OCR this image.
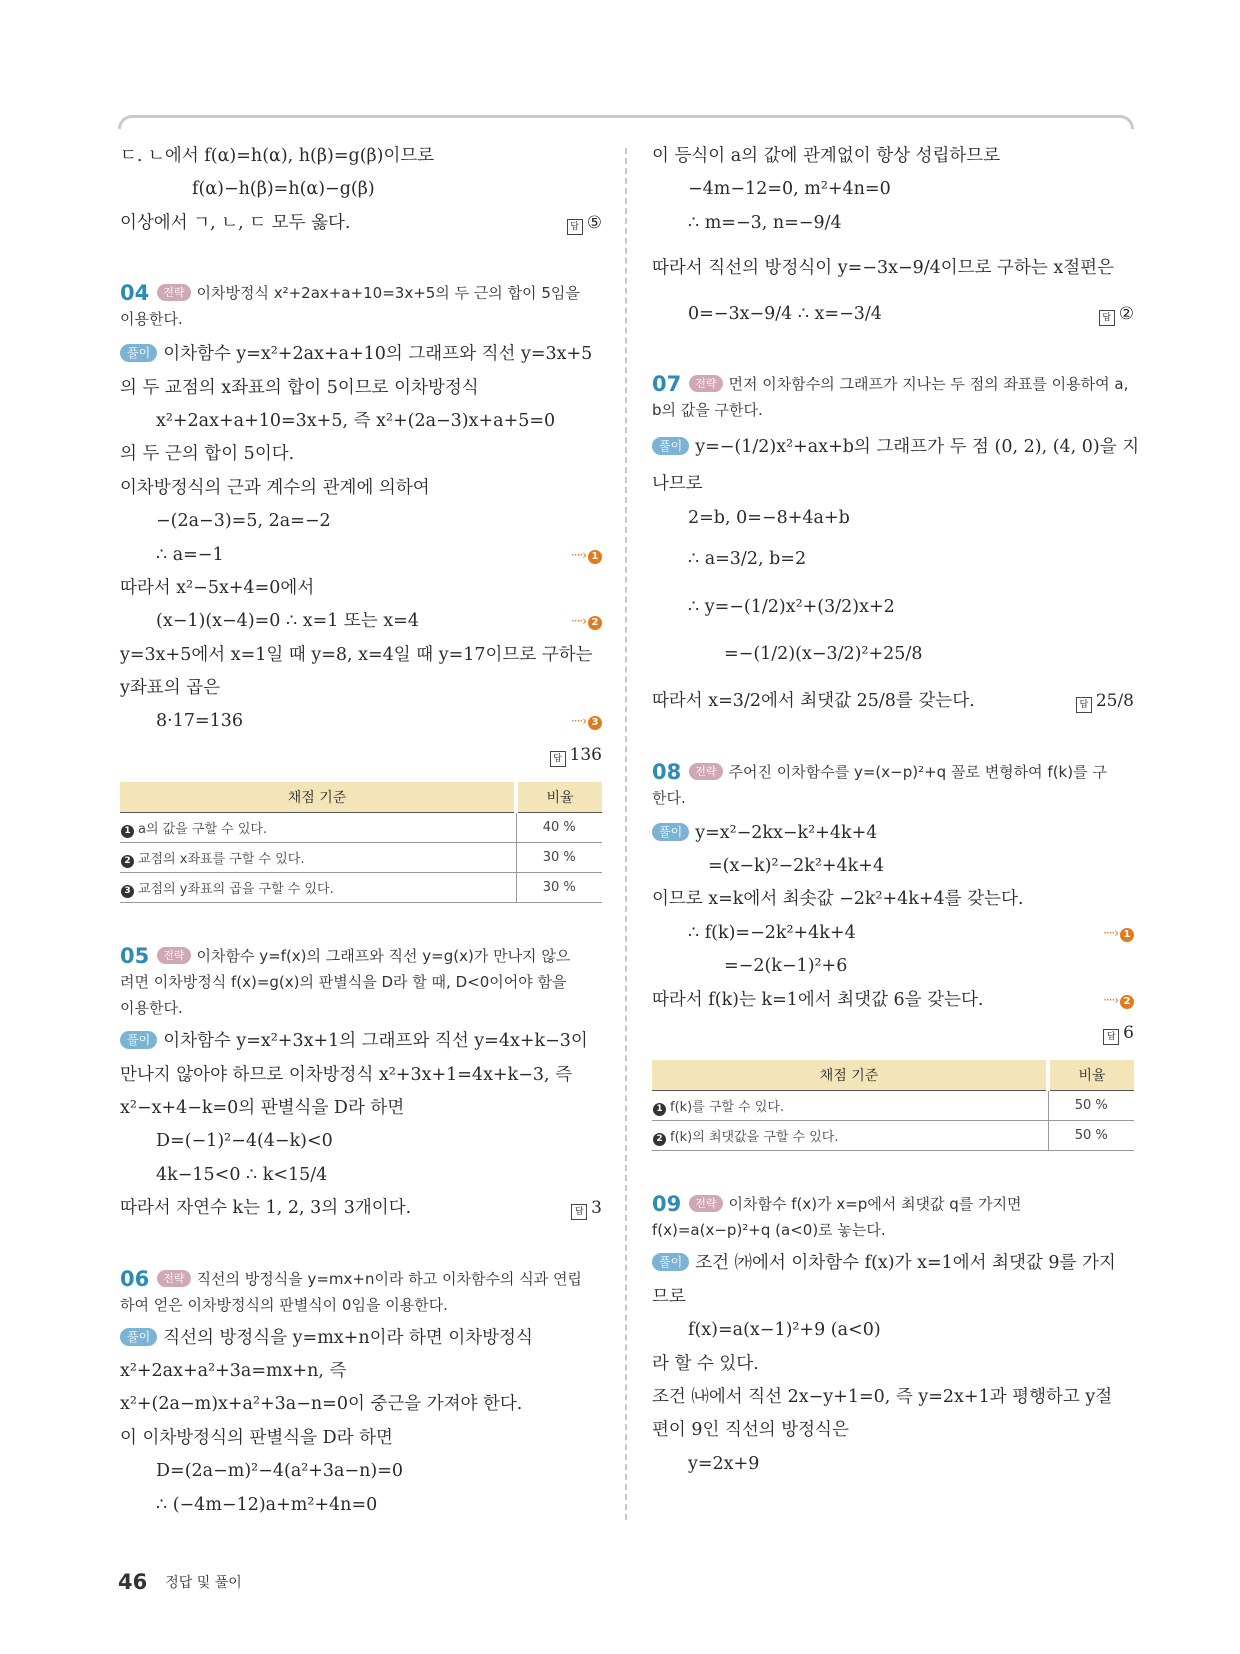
ㄷ. ㄴ에서 f(α)=h(α), h(β)=g(β)이므로
f(α)−h(β)=h(α)−g(β)
이상에서 ㄱ, ㄴ, ㄷ 모두 옳다.	답 ⑤
04 전략 이차방정식 x²+2ax+a+10=3x+5의 두 근의 합이 5임을
이용한다.
풀이 이차함수 y=x²+2ax+a+10의 그래프와 직선 y=3x+5
의 두 교점의 x좌표의 합이 5이므로 이차방정식
x²+2ax+a+10=3x+5, 즉 x²+(2a−3)x+a+5=0
의 두 근의 합이 5이다.
이차방정식의 근과 계수의 관계에 의하여
−(2a−3)=5, 2a=−2
∴ a=−1	····› 1
따라서 x²−5x+4=0에서
(x−1)(x−4)=0 ∴ x=1 또는 x=4	····› 2
y=3x+5에서 x=1일 때 y=8, x=4일 때 y=17이므로 구하는
y좌표의 곱은
8·17=136	····› 3
답 136
채점 기준	비율
1 a의 값을 구할 수 있다.	40 %
2 교점의 x좌표를 구할 수 있다.	30 %
3 교점의 y좌표의 곱을 구할 수 있다.	30 %
05 전략 이차함수 y=f(x)의 그래프와 직선 y=g(x)가 만나지 않으
려면 이차방정식 f(x)=g(x)의 판별식을 D라 할 때, D<0이어야 함을
이용한다.
풀이 이차함수 y=x²+3x+1의 그래프와 직선 y=4x+k−3이
만나지 않아야 하므로 이차방정식 x²+3x+1=4x+k−3, 즉
x²−x+4−k=0의 판별식을 D라 하면
D=(−1)²−4(4−k)<0
4k−15<0 ∴ k<15/4
따라서 자연수 k는 1, 2, 3의 3개이다.	답 3
06 전략 직선의 방정식을 y=mx+n이라 하고 이차함수의 식과 연립
하여 얻은 이차방정식의 판별식이 0임을 이용한다.
풀이 직선의 방정식을 y=mx+n이라 하면 이차방정식
x²+2ax+a²+3a=mx+n, 즉
x²+(2a−m)x+a²+3a−n=0이 중근을 가져야 한다.
이 이차방정식의 판별식을 D라 하면
D=(2a−m)²−4(a²+3a−n)=0
∴ (−4m−12)a+m²+4n=0
이 등식이 a의 값에 관계없이 항상 성립하므로
−4m−12=0, m²+4n=0
∴ m=−3, n=−9/4
따라서 직선의 방정식이 y=−3x−9/4이므로 구하는 x절편은
0=−3x−9/4 ∴ x=−3/4	답 ②
07 전략 먼저 이차함수의 그래프가 지나는 두 점의 좌표를 이용하여 a,
b의 값을 구한다.
풀이 y=−(1/2)x²+ax+b의 그래프가 두 점 (0, 2), (4, 0)을 지
나므로
2=b, 0=−8+4a+b
∴ a=3/2, b=2
∴ y=−(1/2)x²+(3/2)x+2
=−(1/2)(x−3/2)²+25/8
따라서 x=3/2에서 최댓값 25/8를 갖는다.	답 25/8
08 전략 주어진 이차함수를 y=(x−p)²+q 꼴로 변형하여 f(k)를 구
한다.
풀이 y=x²−2kx−k²+4k+4
=(x−k)²−2k²+4k+4
이므로 x=k에서 최솟값 −2k²+4k+4를 갖는다.
∴ f(k)=−2k²+4k+4	····› 1
=−2(k−1)²+6
따라서 f(k)는 k=1에서 최댓값 6을 갖는다.	····› 2
답 6
채점 기준	비율
1 f(k)를 구할 수 있다.	50 %
2 f(k)의 최댓값을 구할 수 있다.	50 %
09 전략 이차함수 f(x)가 x=p에서 최댓값 q를 가지면
f(x)=a(x−p)²+q (a<0)로 놓는다.
풀이 조건 ㈎에서 이차함수 f(x)가 x=1에서 최댓값 9를 가지
므로
f(x)=a(x−1)²+9 (a<0)
라 할 수 있다.
조건 ㈏에서 직선 2x−y+1=0, 즉 y=2x+1과 평행하고 y절
편이 9인 직선의 방정식은
y=2x+9
46 정답 및 풀이
